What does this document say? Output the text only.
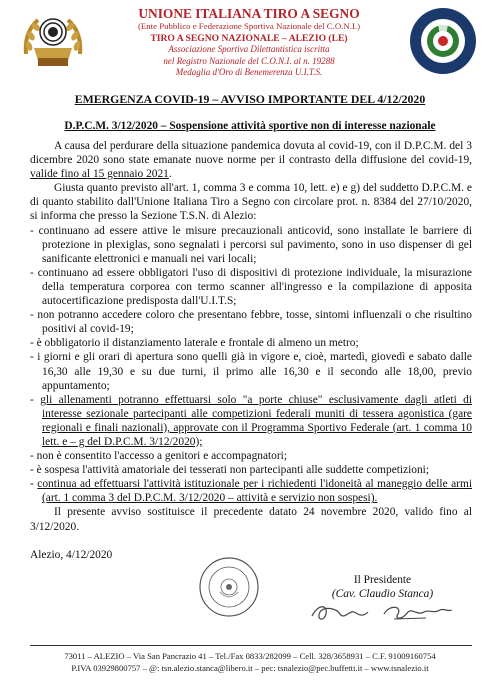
UNIONE ITALIANA TIRO A SEGNO
(Ente Pubblico e Federazione Sportiva Nazionale del C.O.N.I.)
TIRO A SEGNO NAZIONALE – ALEZIO (LE)
Associazione Sportiva Dilettantistica iscritta
nel Registro Nazionale del C.O.N.I. al n. 19288
Medaglia d'Oro di Benemerenza U.I.T.S.
EMERGENZA COVID-19 – AVVISO IMPORTANTE DEL 4/12/2020
D.P.C.M. 3/12/2020 – Sospensione attività sportive non di interesse nazionale

A causa del perdurare della situazione pandemica dovuta al covid-19, con il D.P.C.M. del 3 dicembre 2020 sono state emanate nuove norme per il contrasto della diffusione del covid-19, valide fino al 15 gennaio 2021.

Giusta quanto previsto all'art. 1, comma 3 e comma 10, lett. e) e g) del suddetto D.P.C.M. e di quanto stabilito dall'Unione Italiana Tiro a Segno con circolare prot. n. 8384 del 27/10/2020, si informa che presso la Sezione T.S.N. di Alezio:

- continuano ad essere attive le misure precauzionali anticovid, sono installate le barriere di protezione in plexiglas, sono segnalati i percorsi sul pavimento, sono in uso dispenser di gel sanificante elettronici e manuali nei vari locali;

- continuano ad essere obbligatori l'uso di dispositivi di protezione individuale, la misurazione della temperatura corporea con termo scanner all'ingresso e la compilazione di apposita autocertificazione predisposta dall'U.I.T.S;

- non potranno accedere coloro che presentano febbre, tosse, sintomi influenzali o che risultino positivi al covid-19;

- è obbligatorio il distanziamento laterale e frontale di almeno un metro;

- i giorni e gli orari di apertura sono quelli già in vigore e, cioè, martedì, giovedì e sabato dalle 16,30 alle 19,30 e su due turni, il primo alle 16,30 e il secondo alle 18,00, previo appuntamento;

- gli allenamenti potranno effettuarsi solo "a porte chiuse" esclusivamente dagli atleti di interesse sezionale partecipanti alle competizioni federali muniti di tessera agonistica (gare regionali e finali nazionali), approvate con il Programma Sportivo Federale (art. 1 comma 10 lett. e – g del D.P.C.M. 3/12/2020);

- non è consentito l'accesso a genitori e accompagnatori;

- è sospesa l'attività amatoriale dei tesserati non partecipanti alle suddette competizioni;

- continua ad effettuarsi l'attività istituzionale per i richiedenti l'idoneità al maneggio delle armi (art. 1 comma 3 del D.P.C.M. 3/12/2020 – attività e servizio non sospesi).

Il presente avviso sostituisce il precedente datato 24 novembre 2020, valido fino al 3/12/2020.

Alezio, 4/12/2020
Il Presidente
(Cav. Claudio Stanca)
73011 – ALEZIO – Via San Pancrazio 41 – Tel./Fax 0833/282099 – Cell. 328/3658931 – C.F. 91009160754
P.IVA 03929800757 – @: tsn.alezio.stanca@libero.it – pec: tsnalezio@pec.buffetti.it – www.tsnalezio.it
